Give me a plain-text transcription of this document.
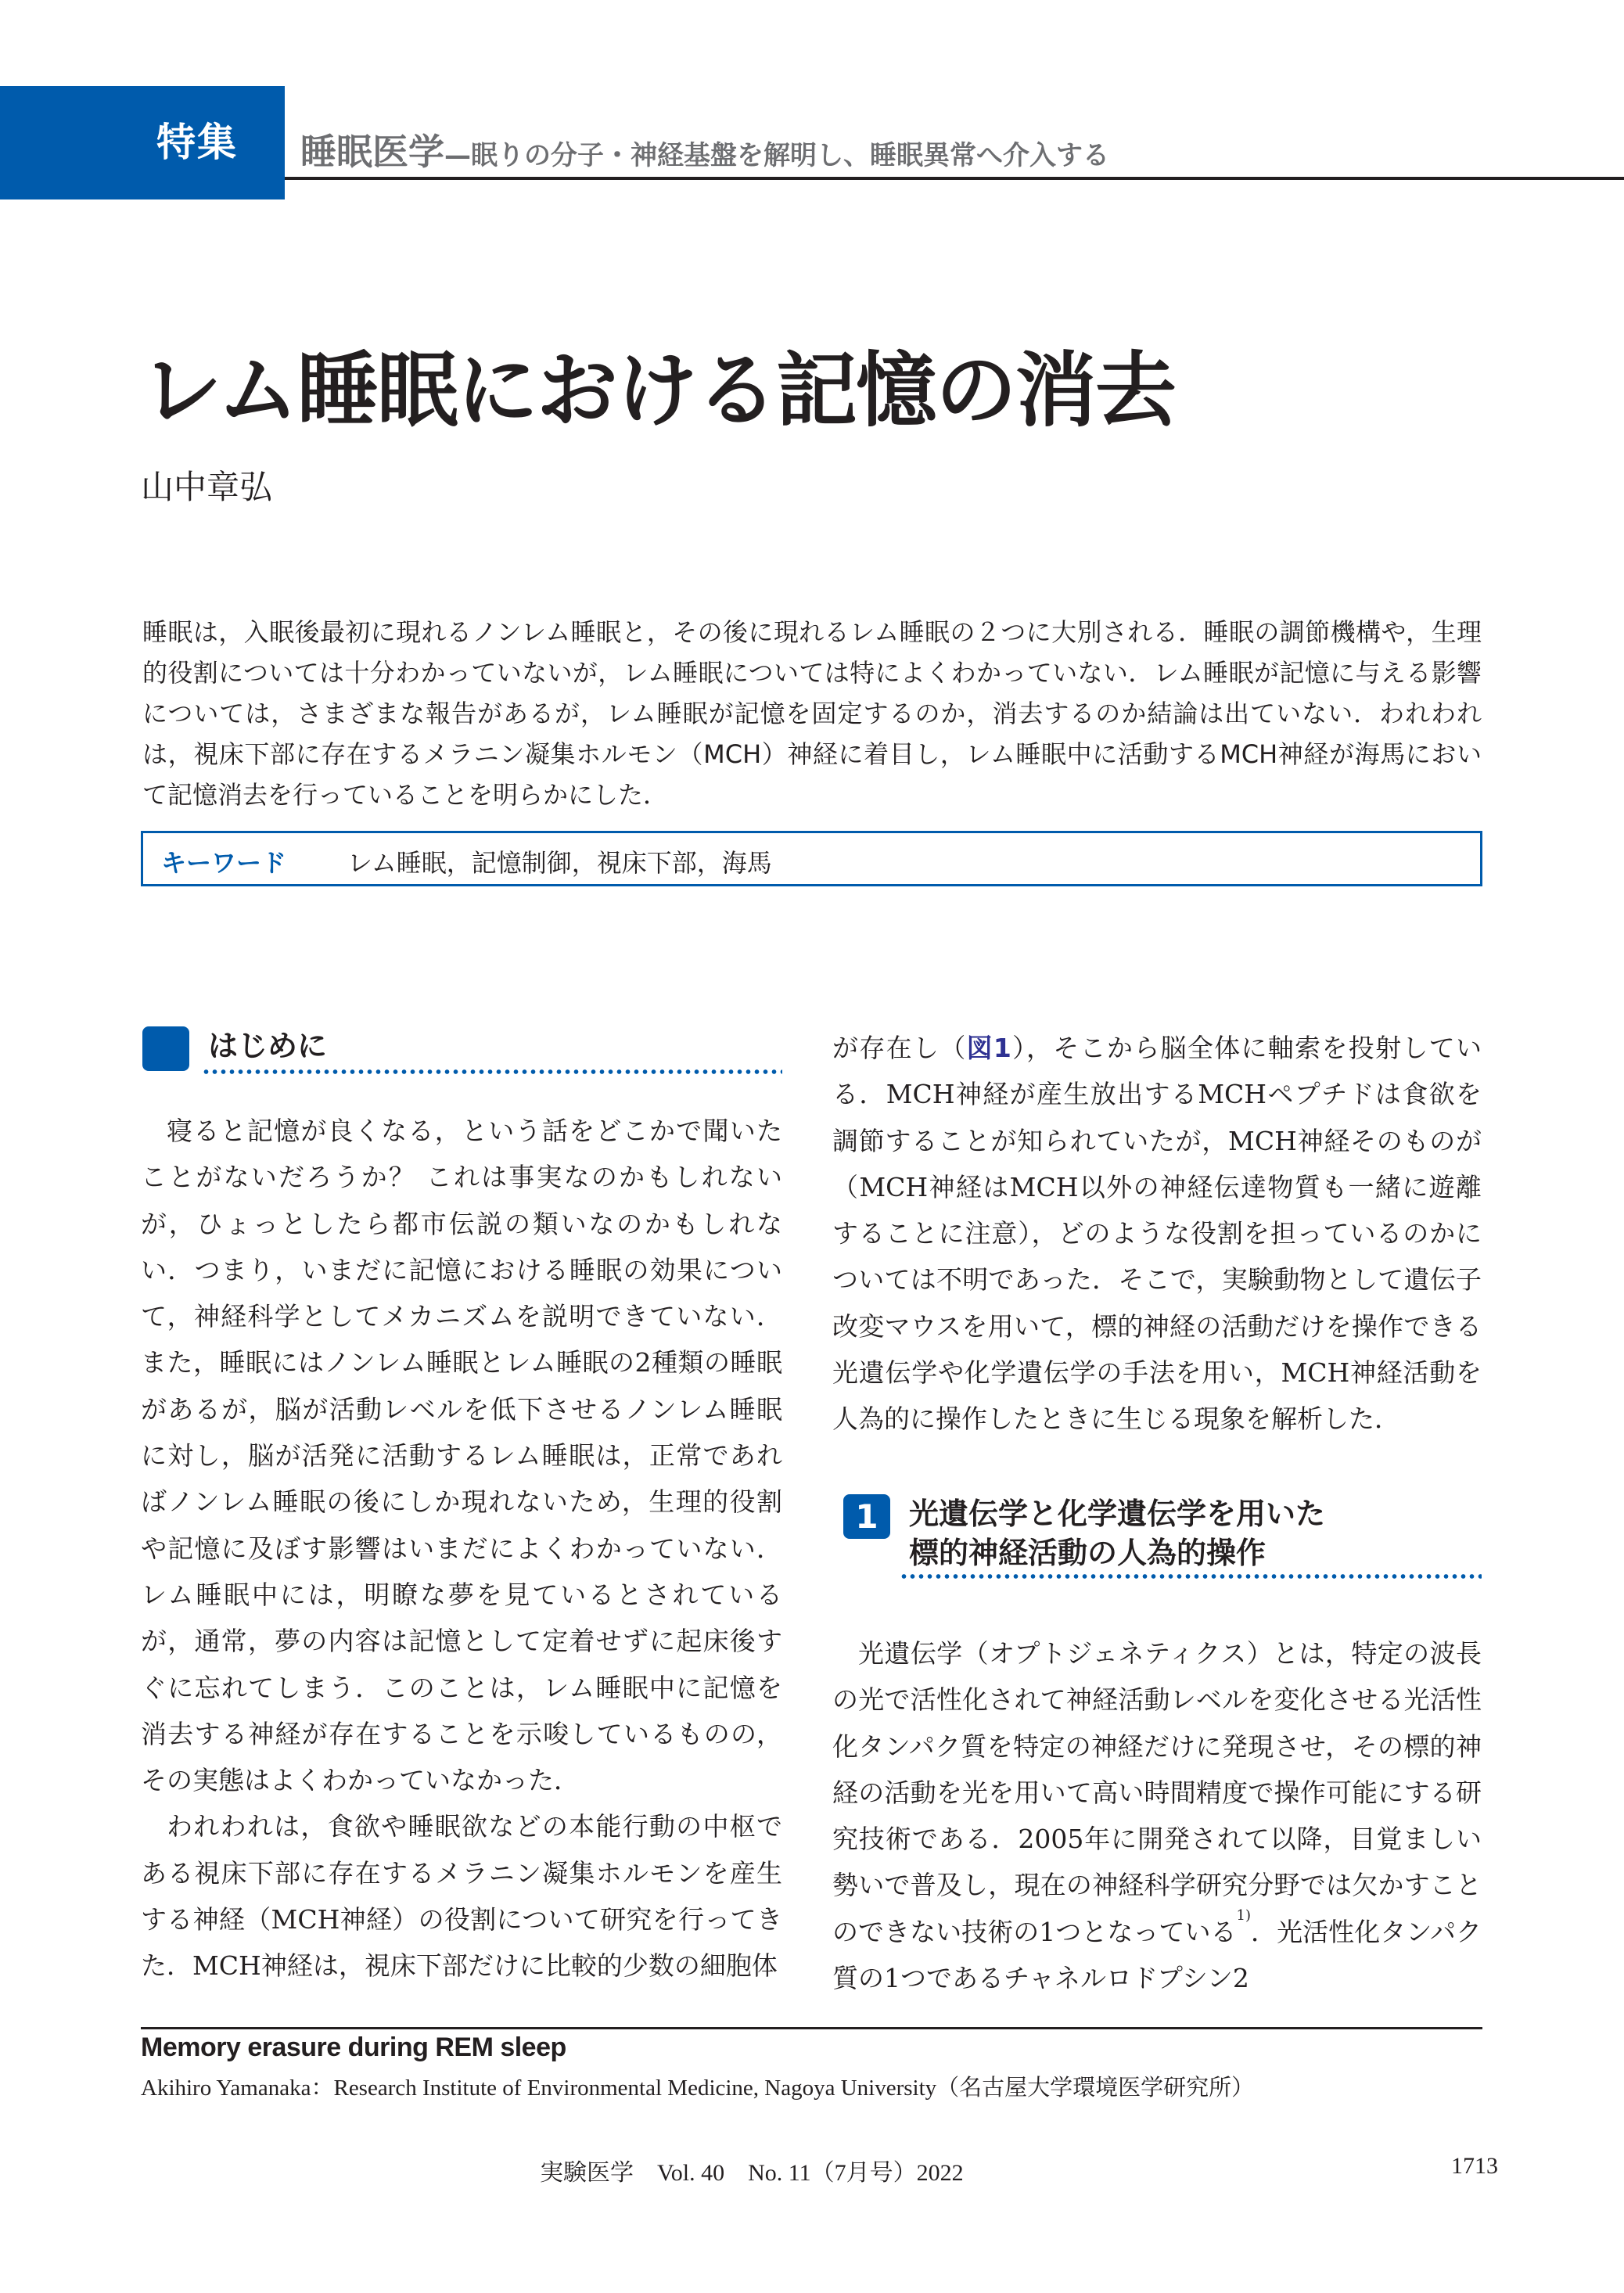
特集	睡眠医学—眠りの分子・神経基盤を解明し、睡眠異常へ介入する
レム睡眠における記憶の消去
山中章弘
睡眠は，入眠後最初に現れるノンレム睡眠と，その後に現れるレム睡眠の２つに大別される．睡眠の調節機構や，生理的役割については十分わかっていないが，レム睡眠については特によくわかっていない．レム睡眠が記憶に与える影響については，さまざまな報告があるが，レム睡眠が記憶を固定するのか，消去するのか結論は出ていない．われわれは，視床下部に存在するメラニン凝集ホルモン（MCH）神経に着目し，レム睡眠中に活動するMCH神経が海馬において記憶消去を行っていることを明らかにした．
キーワード レム睡眠，記憶制御，視床下部，海馬
はじめに

寝ると記憶が良くなる，という話をどこかで聞いたことがないだろうか？ これは事実なのかもしれないが，ひょっとしたら都市伝説の類いなのかもしれない．つまり，いまだに記憶における睡眠の効果について，神経科学としてメカニズムを説明できていない．また，睡眠にはノンレム睡眠とレム睡眠の2種類の睡眠があるが，脳が活動レベルを低下させるノンレム睡眠に対し，脳が活発に活動するレム睡眠は，正常であればノンレム睡眠の後にしか現れないため，生理的役割や記憶に及ぼす影響はいまだによくわかっていない．レム睡眠中には，明瞭な夢を見ているとされているが，通常，夢の内容は記憶として定着せずに起床後すぐに忘れてしまう．このことは，レム睡眠中に記憶を消去する神経が存在することを示唆しているものの，その実態はよくわかっていなかった．

われわれは，食欲や睡眠欲などの本能行動の中枢である視床下部に存在するメラニン凝集ホルモンを産生する神経（MCH神経）の役割について研究を行ってきた．MCH神経は，視床下部だけに比較的少数の細胞体

が存在し（図1），そこから脳全体に軸索を投射している．MCH神経が産生放出するMCHペプチドは食欲を調節することが知られていたが，MCH神経そのものが（MCH神経はMCH以外の神経伝達物質も一緒に遊離することに注意），どのような役割を担っているのかについては不明であった．そこで，実験動物として遺伝子改変マウスを用いて，標的神経の活動だけを操作できる光遺伝学や化学遺伝学の手法を用い，MCH神経活動を人為的に操作したときに生じる現象を解析した．

1	光遺伝学と化学遺伝学を用いた
標的神経活動の人為的操作

光遺伝学（オプトジェネティクス）とは，特定の波長の光で活性化されて神経活動レベルを変化させる光活性化タンパク質を特定の神経だけに発現させ，その標的神経の活動を光を用いて高い時間精度で操作可能にする研究技術である．2005年に開発されて以降，目覚ましい勢いで普及し，現在の神経科学研究分野では欠かすことのできない技術の1つとなっている$^{1)}$．光活性化タンパク質の1つであるチャネルロドプシン2

Memory erasure during REM sleep
Akihiro Yamanaka：Research Institute of Environmental Medicine, Nagoya University（名古屋大学環境医学研究所）
実験医学　Vol. 40　No. 11（7月号）2022	1713
